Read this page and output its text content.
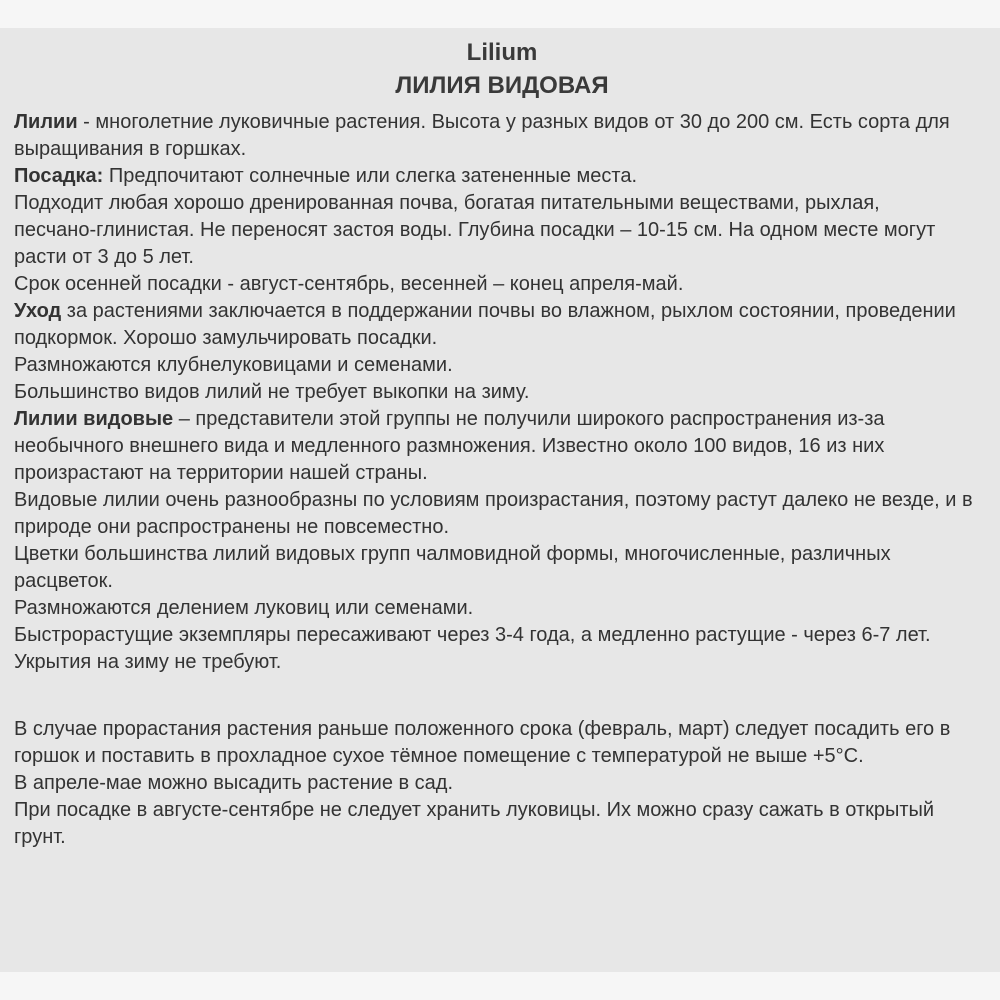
Lilium
ЛИЛИЯ ВИДОВАЯ
Лилии - многолетние луковичные растения. Высота у разных видов от 30 до 200 см. Есть сорта для
выращивания в горшках.
Посадка: Предпочитают солнечные или слегка затененные места.
Подходит любая хорошо дренированная почва, богатая питательными веществами, рыхлая,
песчано-глинистая. Не переносят застоя воды. Глубина посадки – 10-15 см. На одном месте могут
расти от 3 до 5 лет.
Срок осенней посадки - август-сентябрь, весенней – конец апреля-май.
Уход за растениями заключается в поддержании почвы во влажном, рыхлом состоянии, проведении
подкормок. Хорошо замульчировать посадки.
Размножаются клубнелуковицами и семенами.
Большинство видов лилий не требует выкопки на зиму.
Лилии видовые – представители этой группы не получили широкого распространения из-за
необычного внешнего вида и медленного размножения. Известно около 100 видов, 16 из них
произрастают на территории нашей страны.
Видовые лилии очень разнообразны по условиям произрастания, поэтому растут далеко не везде, и в
природе они распространены не повсеместно.
Цветки большинства лилий видовых групп чалмовидной формы, многочисленные, различных
расцветок.
Размножаются делением луковиц или семенами.
Быстрорастущие экземпляры пересаживают через 3-4 года, а медленно растущие - через 6-7 лет.
Укрытия на зиму не требуют.
В случае прорастания растения раньше положенного срока (февраль, март) следует посадить его в
горшок и поставить в прохладное сухое тёмное помещение с температурой не выше +5°С.
В апреле-мае можно высадить растение в сад.
При посадке в августе-сентябре не следует хранить луковицы. Их можно сразу сажать в открытый
грунт.
